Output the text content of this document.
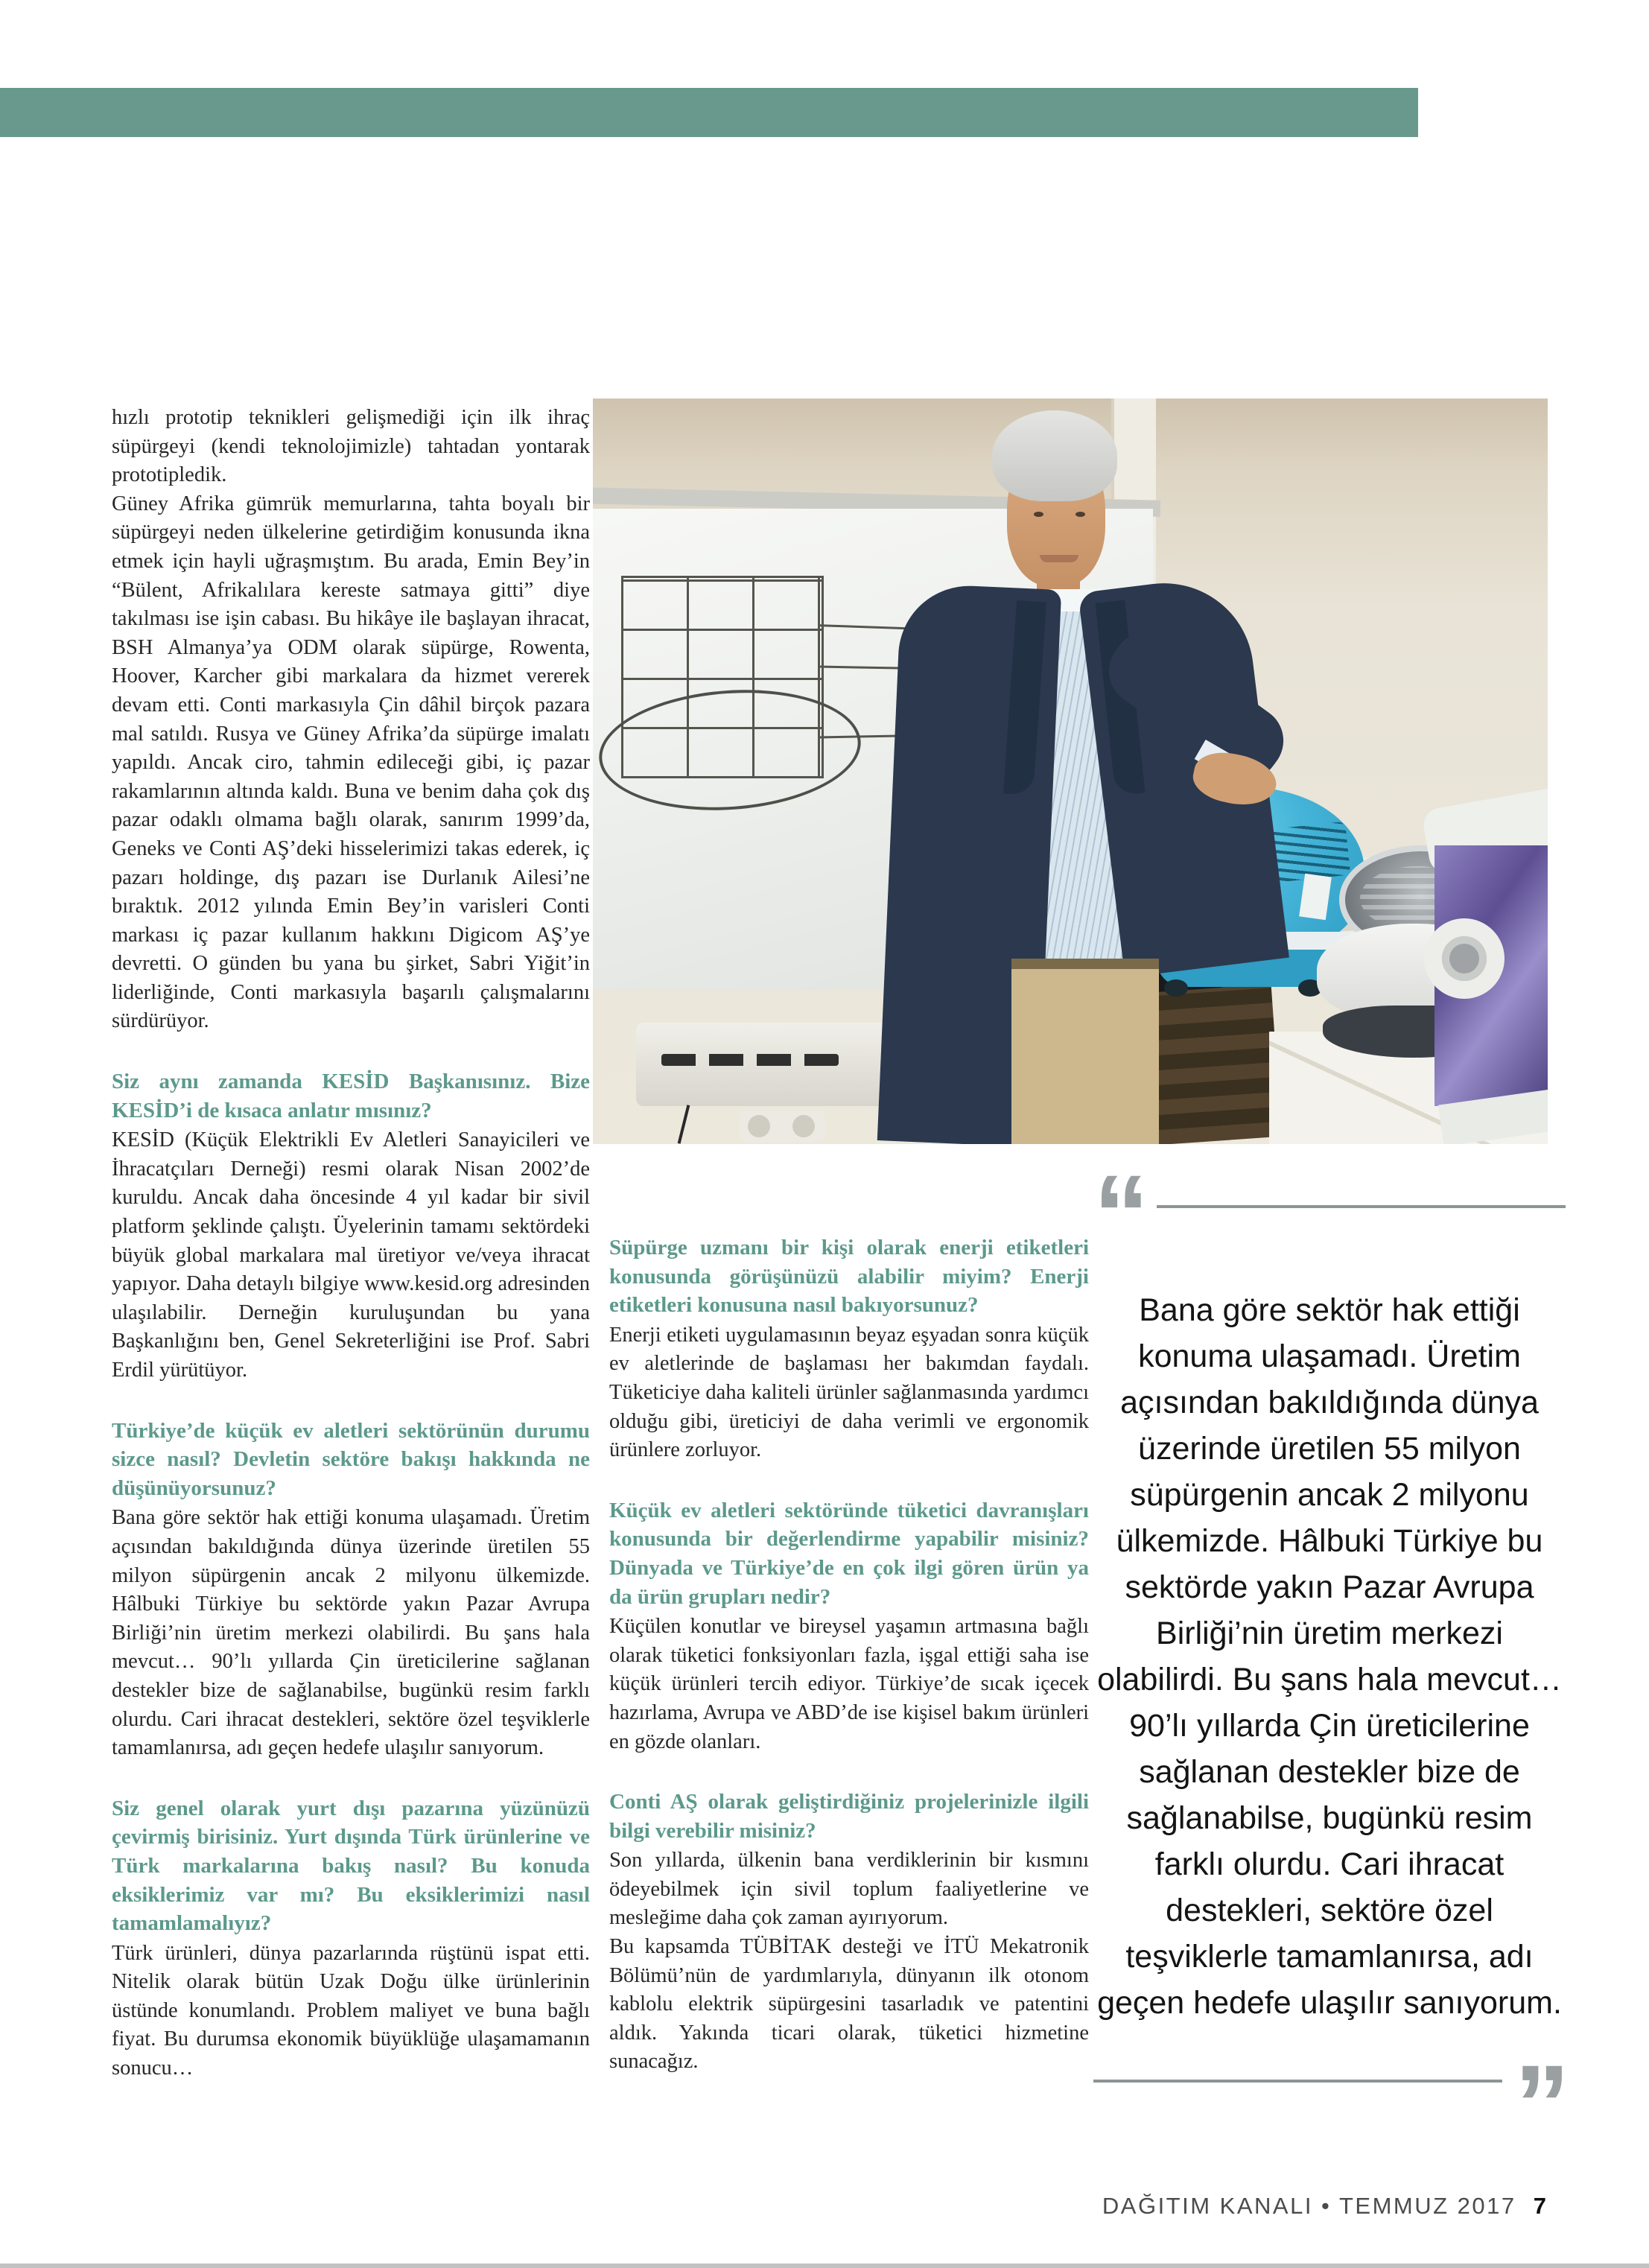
hızlı prototip teknikleri gelişmediği için ilk ihraç süpürgeyi (kendi teknolojimizle) tahtadan yontarak prototipledik.

Güney Afrika gümrük memurlarına, tahta boyalı bir süpürgeyi neden ülkelerine getirdiğim konusunda ikna etmek için hayli uğraşmıştım. Bu arada, Emin Bey’in “Bülent, Afrikalılara kereste satmaya gitti” diye takılması ise işin cabası. Bu hikâye ile başlayan ihracat, BSH Almanya’ya ODM olarak süpürge, Rowenta, Hoover, Karcher gibi markalara da hizmet vererek devam etti. Conti markasıyla Çin dâhil birçok pazara mal satıldı. Rusya ve Güney Afrika’da süpürge imalatı yapıldı. Ancak ciro, tahmin edileceği gibi, iç pazar rakamlarının altında kaldı. Buna ve benim daha çok dış pazar odaklı olmama bağlı olarak, sanırım 1999’da, Geneks ve Conti AŞ’deki hisselerimizi takas ederek, iç pazarı holdinge, dış pazarı ise Durlanık Ailesi’ne bıraktık. 2012 yılında Emin Bey’in varisleri Conti markası iç pazar kullanım hakkını Digicom AŞ’ye devretti. O günden bu yana bu şirket, Sabri Yiğit’in liderliğinde, Conti markasıyla başarılı çalışmalarını sürdürüyor.

Siz aynı zamanda KESİD Başkanısınız. Bize KESİD’i de kısaca anlatır mısınız?

KESİD (Küçük Elektrikli Ev Aletleri Sanayicileri ve İhracatçıları Derneği) resmi olarak Nisan 2002’de kuruldu. Ancak daha öncesinde 4 yıl kadar bir sivil platform şeklinde çalıştı. Üyelerinin tamamı sektördeki büyük global markalara mal üretiyor ve/veya ihracat yapıyor. Daha detaylı bilgiye www.kesid.org adresinden ulaşılabilir. Derneğin kuruluşundan bu yana Başkanlığını ben, Genel Sekreterliğini ise Prof. Sabri Erdil yürütüyor.

Türkiye’de küçük ev aletleri sektörünün durumu sizce nasıl? Devletin sektöre bakışı hakkında ne düşünüyorsunuz?

Bana göre sektör hak ettiği konuma ulaşamadı. Üretim açısından bakıldığında dünya üzerinde üretilen 55 milyon süpürgenin ancak 2 milyonu ülkemizde. Hâlbuki Türkiye bu sektörde yakın Pazar Avrupa Birliği’nin üretim merkezi olabilirdi. Bu şans hala mevcut… 90’lı yıllarda Çin üreticilerine sağlanan destekler bize de sağlanabilse, bugünkü resim farklı olurdu. Cari ihracat destekleri, sektöre özel teşviklerle tamamlanırsa, adı geçen hedefe ulaşılır sanıyorum.

Siz genel olarak yurt dışı pazarına yüzünüzü çevirmiş birisiniz. Yurt dışında Türk ürünlerine ve Türk markalarına bakış nasıl? Bu konuda eksiklerimiz var mı? Bu eksiklerimizi nasıl tamamlamalıyız?

Türk ürünleri, dünya pazarlarında rüştünü ispat etti. Nitelik olarak bütün Uzak Doğu ülke ürünlerinin üstünde konumlandı. Problem maliyet ve buna bağlı fiyat. Bu durumsa ekonomik büyüklüğe ulaşamamanın sonucu…

Süpürge uzmanı bir kişi olarak enerji etiketleri konusunda görüşünüzü alabilir miyim? Enerji etiketleri konusuna nasıl bakıyorsunuz?

Enerji etiketi uygulamasının beyaz eşyadan sonra küçük ev aletlerinde de başlaması her bakımdan faydalı. Tüketiciye daha kaliteli ürünler sağlanmasında yardımcı olduğu gibi, üreticiyi de daha verimli ve ergonomik ürünlere zorluyor.

Küçük ev aletleri sektöründe tüketici davranışları konusunda bir değerlendirme yapabilir misiniz? Dünyada ve Türkiye’de en çok ilgi gören ürün ya da ürün grupları nedir?

Küçülen konutlar ve bireysel yaşamın artmasına bağlı olarak tüketici fonksiyonları fazla, işgal ettiği saha ise küçük ürünleri tercih ediyor. Türkiye’de sıcak içecek hazırlama, Avrupa ve ABD’de ise kişisel bakım ürünleri en gözde olanları.

Conti AŞ olarak geliştirdiğiniz projelerinizle ilgili bilgi verebilir misiniz?

Son yıllarda, ülkenin bana verdiklerinin bir kısmını ödeyebilmek için sivil toplum faaliyetlerine ve mesleğime daha çok zaman ayırıyorum.

Bu kapsamda TÜBİTAK desteği ve İTÜ Mekatronik Bölümü’nün de yardımlarıyla, dünyanın ilk otonom kablolu elektrik süpürgesini tasarladık ve patentini aldık. Yakında ticari olarak, tüketici hizmetine sunacağız.

“
Bana göre sektör hak ettiği konuma ulaşamadı. Üretim açısından bakıldığında dünya üzerinde üretilen 55 milyon süpürgenin ancak 2 milyonu ülkemizde. Hâlbuki Türkiye bu sektörde yakın Pazar Avrupa Birliği’nin üretim merkezi olabilirdi. Bu şans hala mevcut… 90’lı yıllarda Çin üreticilerine sağlanan destekler bize de sağlanabilse, bugünkü resim farklı olurdu. Cari ihracat destekleri, sektöre özel teşviklerle tamamlanırsa, adı geçen hedefe ulaşılır sanıyorum.
”
DAĞITIM KANALI • TEMMUZ 2017 7
